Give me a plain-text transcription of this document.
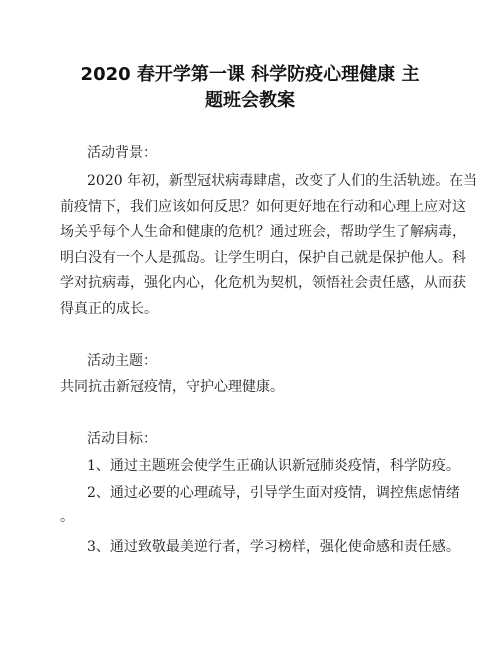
2020 春开学第一课 科学防疫心理健康 主
题班会教案
活动背景：
2020 年初，新型冠状病毒肆虐，改变了人们的生活轨迹。在当
前疫情下，我们应该如何反思？如何更好地在行动和心理上应对这
场关乎每个人生命和健康的危机？通过班会，帮助学生了解病毒，
明白没有一个人是孤岛。让学生明白，保护自己就是保护他人。科
学对抗病毒，强化内心，化危机为契机，领悟社会责任感，从而获
得真正的成长。
活动主题：
共同抗击新冠疫情，守护心理健康。
活动目标：
1、通过主题班会使学生正确认识新冠肺炎疫情，科学防疫。
2、通过必要的心理疏导，引导学生面对疫情，调控焦虑情绪
。
3、通过致敬最美逆行者，学习榜样，强化使命感和责任感。
